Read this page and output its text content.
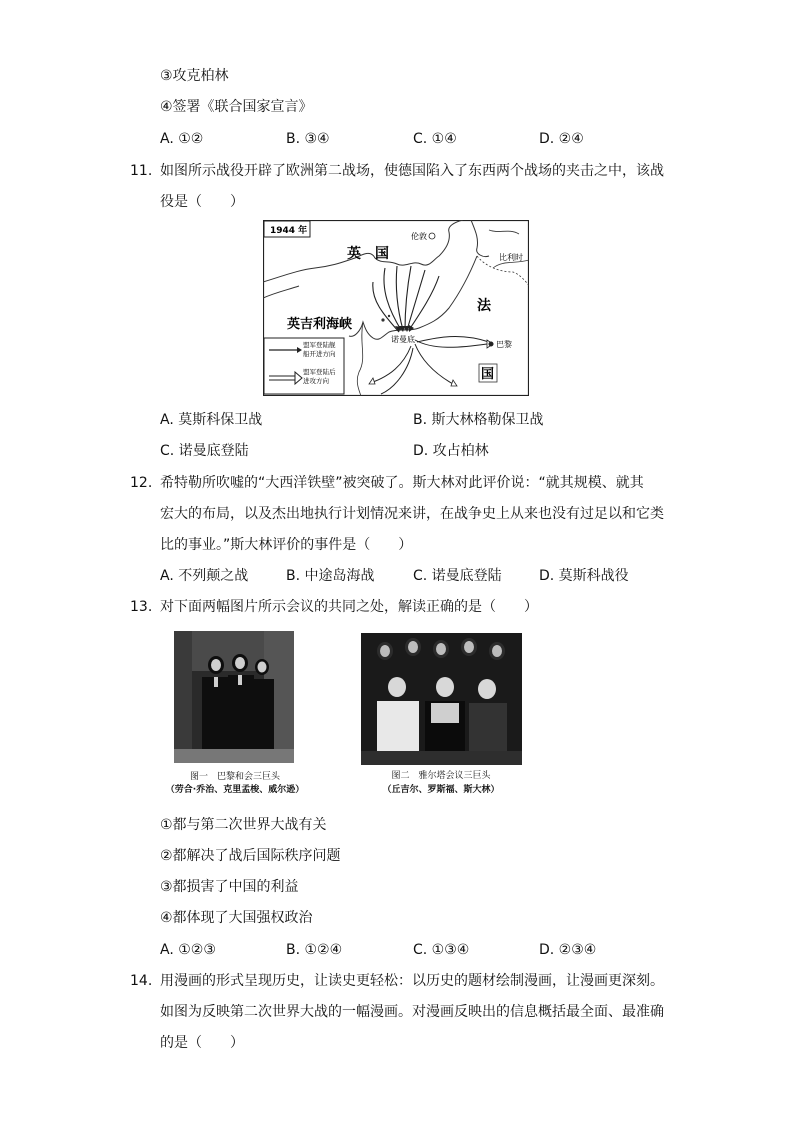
③攻克柏林
④签署《联合国家宣言》
A. ①②	B. ③④	C. ①④	D. ②④
11. 如图所示战役开辟了欧洲第二战场，使德国陷入了东西两个战场的夹击之中，该战
役是（　　）
1944 年
英　国
伦敦
比利时
法
国
英吉利海峡
诺曼底
巴黎
盟军登陆舰
船开进方向
盟军登陆后
进攻方向
A. 莫斯科保卫战	B. 斯大林格勒保卫战
C. 诺曼底登陆	D. 攻占柏林
12. 希特勒所吹嘘的“大西洋铁壁”被突破了。斯大林对此评价说：“就其规模、就其
宏大的布局，以及杰出地执行计划情况来讲，在战争史上从来也没有过足以和它类
比的事业。”斯大林评价的事件是（　　）
A. 不列颠之战	B. 中途岛海战	C. 诺曼底登陆	D. 莫斯科战役
13. 对下面两幅图片所示会议的共同之处，解读正确的是（　　）
图一　巴黎和会三巨头
（劳合·乔治、克里孟梭、威尔逊）
图二　雅尔塔会议三巨头
（丘吉尔、罗斯福、斯大林）
①都与第二次世界大战有关
②都解决了战后国际秩序问题
③都损害了中国的利益
④都体现了大国强权政治
A. ①②③	B. ①②④	C. ①③④	D. ②③④
14. 用漫画的形式呈现历史，让读史更轻松：以历史的题材绘制漫画，让漫画更深刻。
如图为反映第二次世界大战的一幅漫画。对漫画反映出的信息概括最全面、最准确
的是（　　）
